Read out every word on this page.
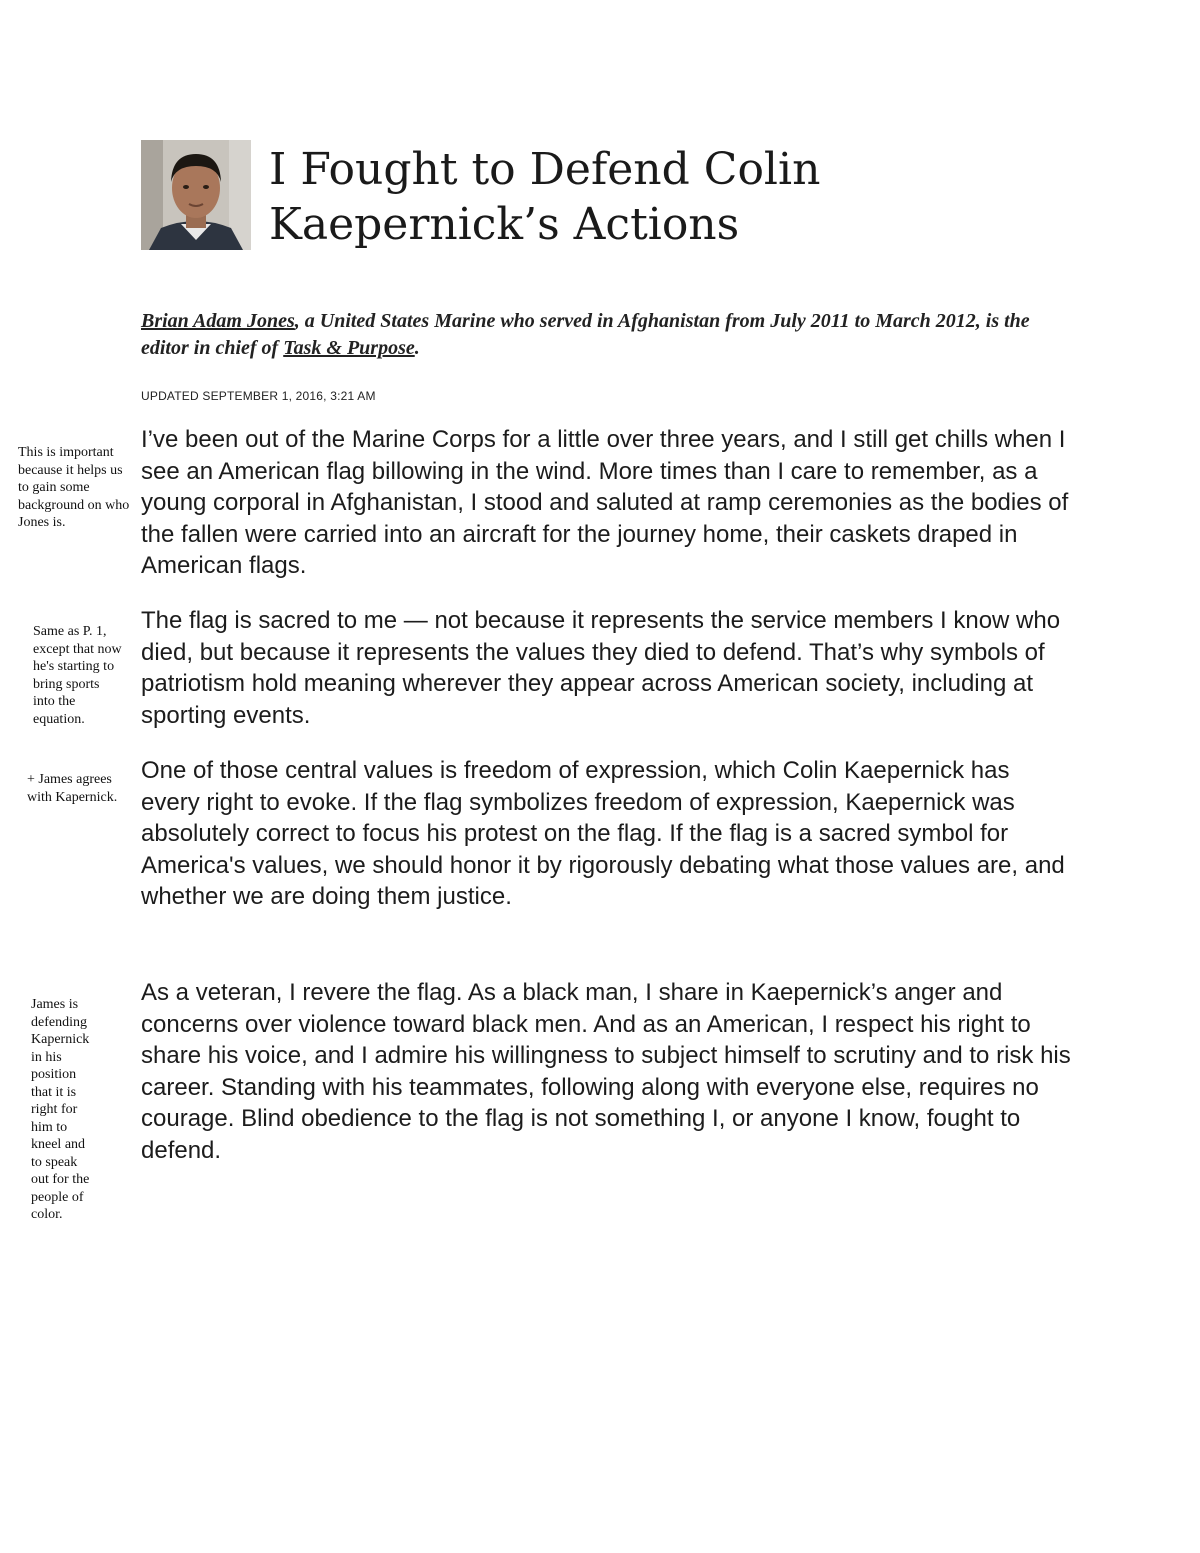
I Fought to Defend Colin Kaepernick’s Actions

Brian Adam Jones, a United States Marine who served in Afghanistan from July 2011 to March 2012, is the editor in chief of Task & Purpose.

UPDATED SEPTEMBER 1, 2016, 3:21 AM

I’ve been out of the Marine Corps for a little over three years, and I still get chills when I see an American flag billowing in the wind. More times than I care to remember, as a young corporal in Afghanistan, I stood and saluted at ramp ceremonies as the bodies of the fallen were carried into an aircraft for the journey home, their caskets draped in American flags.

The flag is sacred to me — not because it represents the service members I know who died, but because it represents the values they died to defend. That’s why symbols of patriotism hold meaning wherever they appear across American society, including at sporting events.

One of those central values is freedom of expression, which Colin Kaepernick has every right to evoke. If the flag symbolizes freedom of expression, Kaepernick was absolutely correct to focus his protest on the flag. If the flag is a sacred symbol for America's values, we should honor it by rigorously debating what those values are, and whether we are doing them justice.

As a veteran, I revere the flag. As a black man, I share in Kaepernick’s anger and concerns over violence toward black men. And as an American, I respect his right to share his voice, and I admire his willingness to subject himself to scrutiny and to risk his career. Standing with his teammates, following along with everyone else, requires no courage. Blind obedience to the flag is not something I, or anyone I know, fought to defend.

This is important because it helps us to gain some background on who Jones is.

Same as P. 1, except that now he's starting to bring sports into the equation.

+ James agrees with Kapernick.

James is
defending
Kapernick
in his
position
that it is
right for
him to
kneel and
to speak
out for the
people of
color.
